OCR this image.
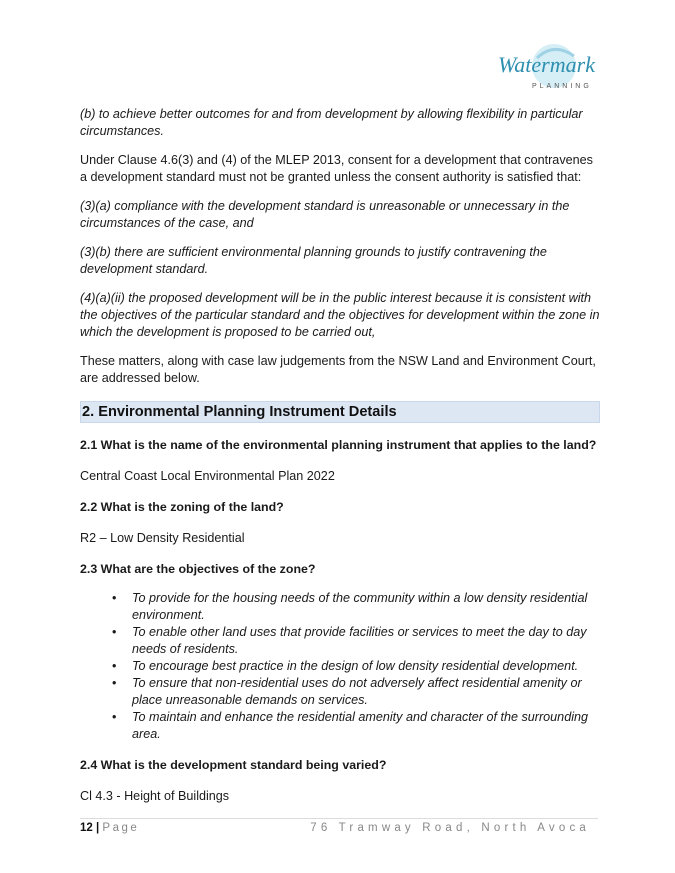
Watermark
PLANNING

(b) to achieve better outcomes for and from development by allowing flexibility in particular circumstances.

Under Clause 4.6(3) and (4) of the MLEP 2013, consent for a development that contravenes a development standard must not be granted unless the consent authority is satisfied that:

(3)(a) compliance with the development standard is unreasonable or unnecessary in the circumstances of the case, and

(3)(b) there are sufficient environmental planning grounds to justify contravening the development standard.

(4)(a)(ii) the proposed development will be in the public interest because it is consistent with the objectives of the particular standard and the objectives for development within the zone in which the development is proposed to be carried out,

These matters, along with case law judgements from the NSW Land and Environment Court, are addressed below.

2. Environmental Planning Instrument Details

2.1 What is the name of the environmental planning instrument that applies to the land?

Central Coast Local Environmental Plan 2022

2.2 What is the zoning of the land?

R2 – Low Density Residential

2.3 What are the objectives of the zone?

• To provide for the housing needs of the community within a low density residential environment.
• To enable other land uses that provide facilities or services to meet the day to day needs of residents.
• To encourage best practice in the design of low density residential development.
• To ensure that non-residential uses do not adversely affect residential amenity or place unreasonable demands on services.
• To maintain and enhance the residential amenity and character of the surrounding area.

2.4 What is the development standard being varied?

Cl 4.3 - Height of Buildings

12 | Page	76 Tramway Road, North Avoca
